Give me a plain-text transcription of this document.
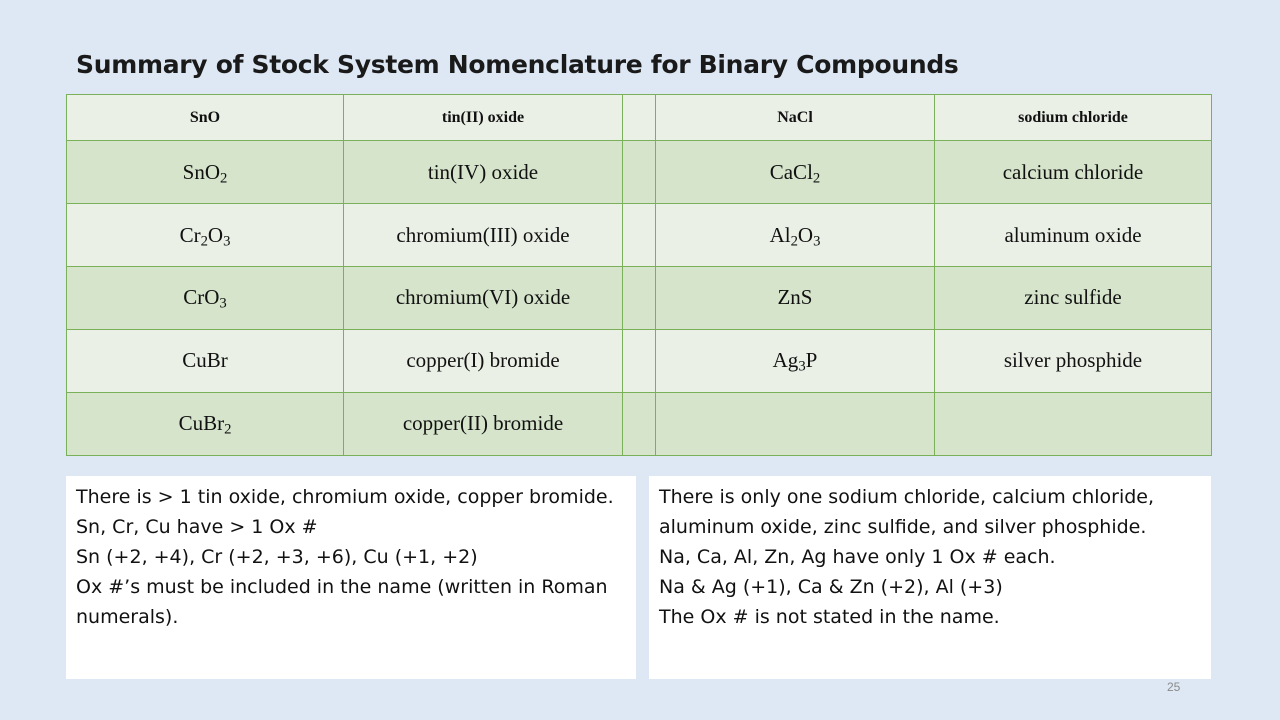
Summary of Stock System Nomenclature for Binary Compounds
SnO	tin(II) oxide		NaCl	sodium chloride
SnO$_2$	tin(IV) oxide		CaCl$_2$	calcium chloride
$Cr_2O_3$	chromium(III) oxide		$Al_2O_3$	aluminum oxide
CrO$_3$	chromium(VI) oxide		ZnS	zinc sulfide
CuBr	copper(I) bromide		$Ag_3P$	silver phosphide
CuBr$_2$	copper(II) bromide			

There is > 1 tin oxide, chromium oxide, copper bromide.

Sn, Cr, Cu have > 1 Ox #

Sn (+2, +4), Cr (+2, +3, +6), Cu (+1, +2)

Ox #’s must be included in the name (written in Roman numerals).

There is only one sodium chloride, calcium chloride, aluminum oxide, zinc sulfide, and silver phosphide.

Na, Ca, Al, Zn, Ag have only 1 Ox # each.

Na & Ag (+1), Ca & Zn (+2), Al (+3)

The Ox # is not stated in the name.

25
